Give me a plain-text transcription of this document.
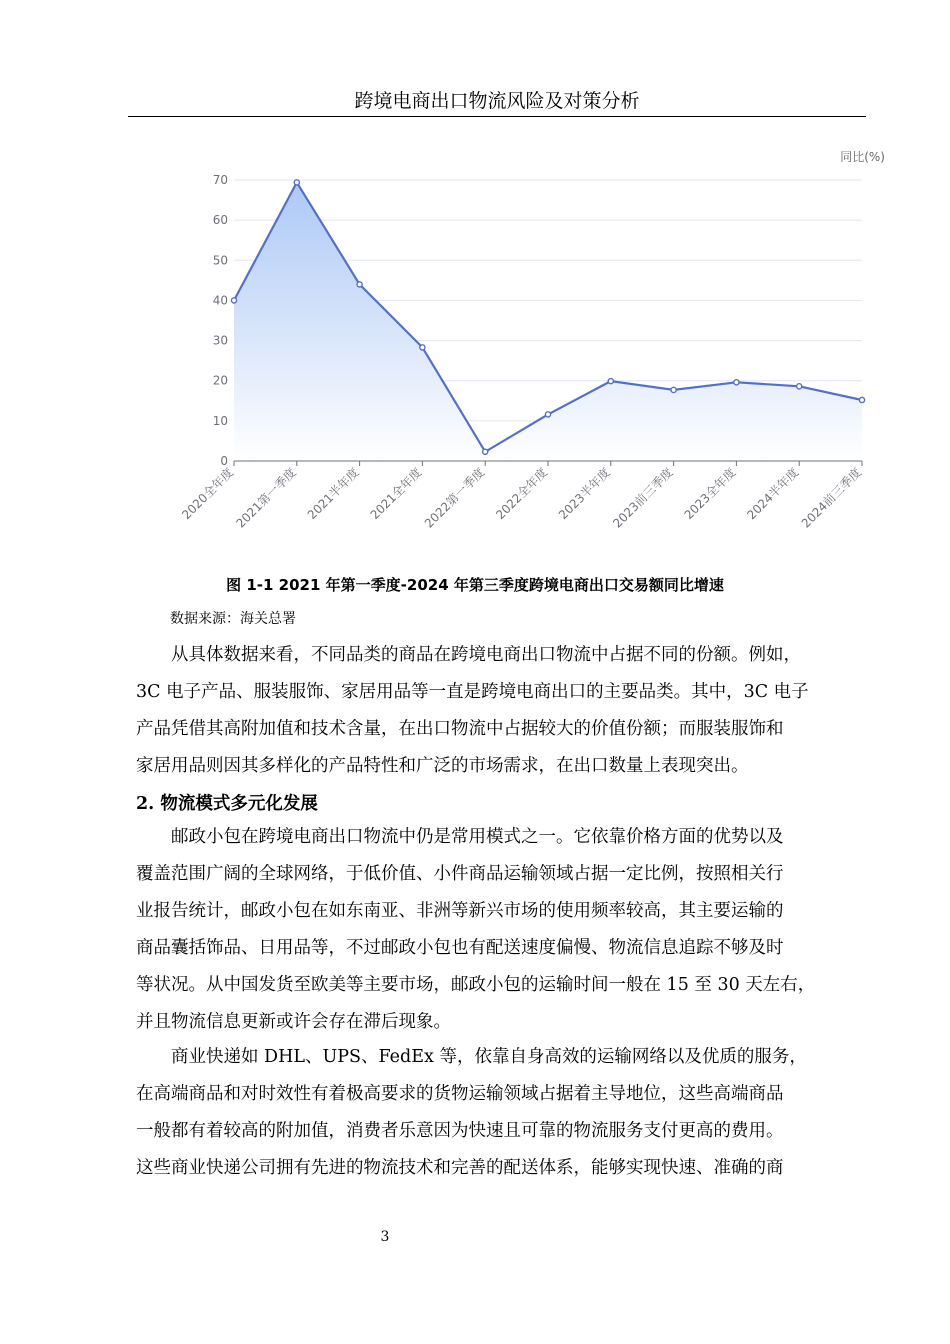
跨境电商出口物流风险及对策分析
同比(%)
0
10
20
30
40
50
60
70
2020全年度
2021第一季度 2021半年度 2021全年度
2022第一季度 2022全年度 2023半年度
2023前三季度 2023全年度 2024半年度
2024前三季度
图 1-1 2021 年第一季度-2024 年第三季度跨境电商出口交易额同比增速
数据来源：海关总署
　　从具体数据来看，不同品类的商品在跨境电商出口物流中占据不同的份额。例如，
3C 电子产品、服装服饰、家居用品等一直是跨境电商出口的主要品类。其中，3C 电子
产品凭借其高附加值和技术含量，在出口物流中占据较大的价值份额；而服装服饰和
家居用品则因其多样化的产品特性和广泛的市场需求，在出口数量上表现突出。
2. 物流模式多元化发展
　　邮政小包在跨境电商出口物流中仍是常用模式之一。它依靠价格方面的优势以及
覆盖范围广阔的全球网络，于低价值、小件商品运输领域占据一定比例，按照相关行
业报告统计，邮政小包在如东南亚、非洲等新兴市场的使用频率较高，其主要运输的
商品囊括饰品、日用品等，不过邮政小包也有配送速度偏慢、物流信息追踪不够及时
等状况。从中国发货至欧美等主要市场，邮政小包的运输时间一般在 15 至 30 天左右，
并且物流信息更新或许会存在滞后现象。
　　商业快递如 DHL、UPS、FedEx 等，依靠自身高效的运输网络以及优质的服务，
在高端商品和对时效性有着极高要求的货物运输领域占据着主导地位，这些高端商品
一般都有着较高的附加值，消费者乐意因为快速且可靠的物流服务支付更高的费用。
这些商业快递公司拥有先进的物流技术和完善的配送体系，能够实现快速、准确的商
3
